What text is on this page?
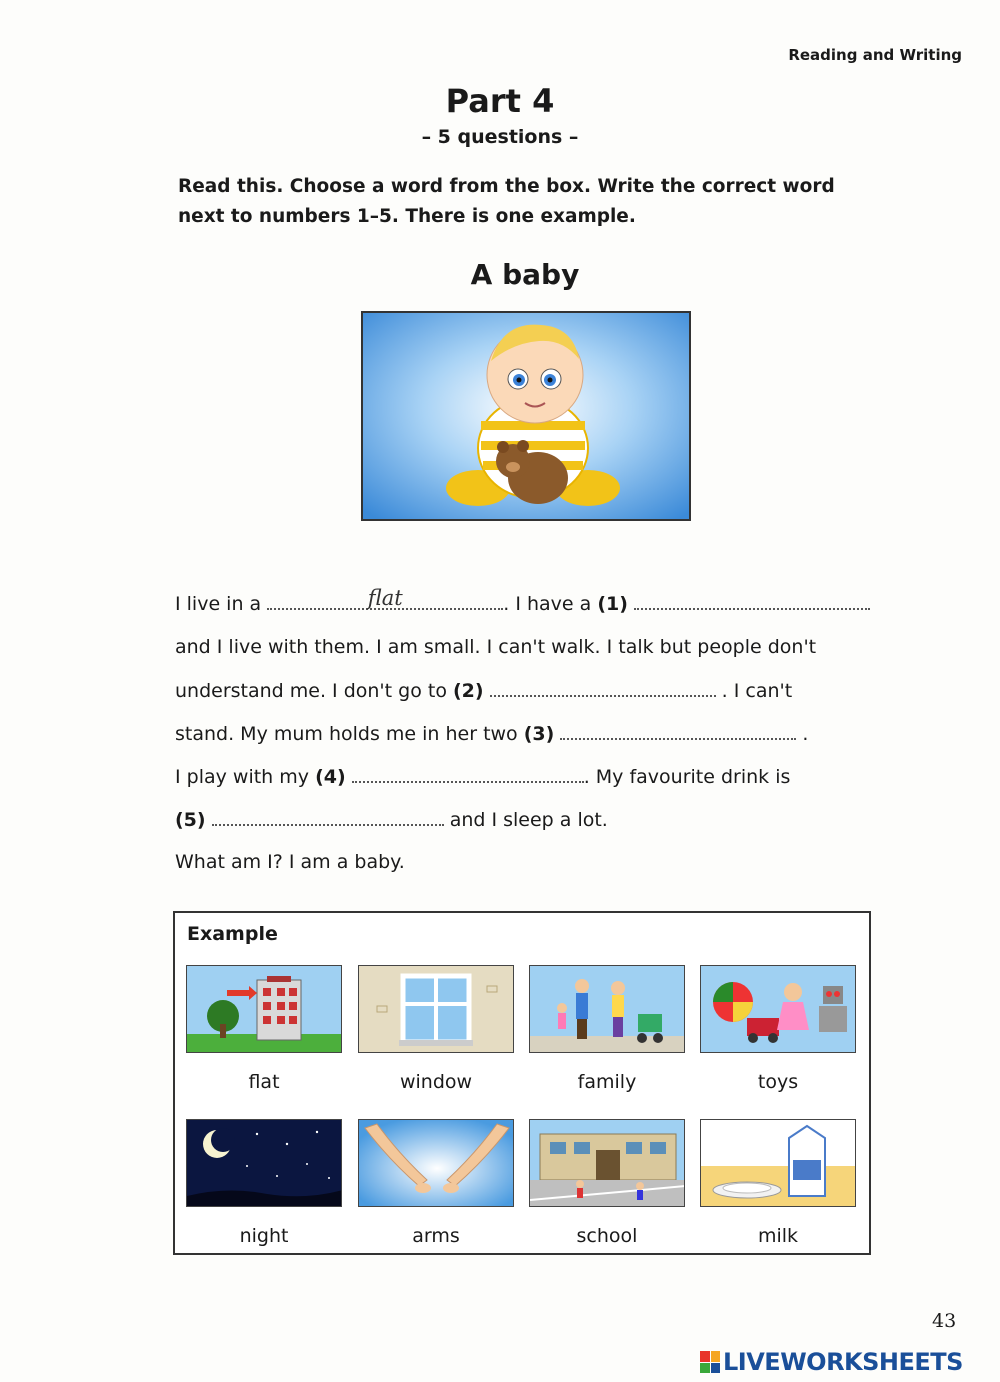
Reading and Writing
Part 4
– 5 questions –
Read this. Choose a word from the box. Write the correct word next to numbers 1–5. There is one example.
A baby
I live in a	flat	. I have a (1)
and I live with them. I am small. I can't walk. I talk but people don't
understand me. I don't go to (2)	. I can't
stand. My mum holds me in her two (3)	.
I play with my (4)	. My favourite drink is
(5)	and I sleep a lot.
What am I? I am a baby.
Example
flat	window	family	toys
night	arms	school	milk
43
LIVEWORKSHEETS
